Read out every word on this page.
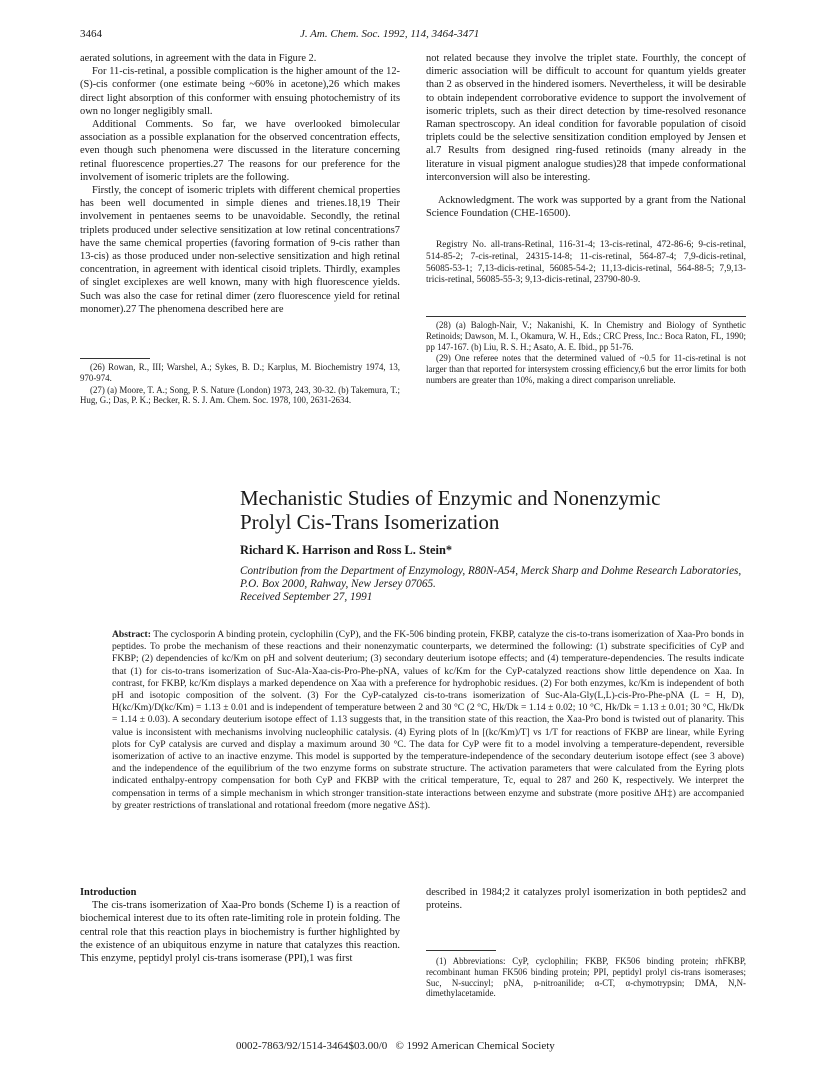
3464	J. Am. Chem. Soc. 1992, 114, 3464-3471

aerated solutions, in agreement with the data in Figure 2.

For 11-cis-retinal, a possible complication is the higher amount of the 12-(S)-cis conformer (one estimate being ~60% in acetone),26 which makes direct light absorption of this conformer with ensuing photochemistry of its own no longer negligibly small.

Additional Comments. So far, we have overlooked bimolecular association as a possible explanation for the observed concentration effects, even though such phenomena were discussed in the literature concerning retinal fluorescence properties.27 The reasons for our preference for the involvement of isomeric triplets are the following.

Firstly, the concept of isomeric triplets with different chemical properties has been well documented in simple dienes and trienes.18,19 Their involvement in pentaenes seems to be unavoidable. Secondly, the retinal triplets produced under selective sensitization at low retinal concentrations7 have the same chemical properties (favoring formation of 9-cis rather than 13-cis) as those produced under non-selective sensitization and high retinal concentration, in agreement with identical cisoid triplets. Thirdly, examples of singlet exciplexes are well known, many with high fluorescence yields. Such was also the case for retinal dimer (zero fluorescence yield for retinal monomer).27 The phenomena described here are

(26) Rowan, R., III; Warshel, A.; Sykes, B. D.; Karplus, M. Biochemistry 1974, 13, 970-974.

(27) (a) Moore, T. A.; Song, P. S. Nature (London) 1973, 243, 30-32. (b) Takemura, T.; Hug, G.; Das, P. K.; Becker, R. S. J. Am. Chem. Soc. 1978, 100, 2631-2634.

not related because they involve the triplet state. Fourthly, the concept of dimeric association will be difficult to account for quantum yields greater than 2 as observed in the hindered isomers. Nevertheless, it will be desirable to obtain independent corroborative evidence to support the involvement of isomeric triplets, such as their direct detection by time-resolved resonance Raman spectroscopy. An ideal condition for favorable population of cisoid triplets could be the selective sensitization condition employed by Jensen et al.7 Results from designed ring-fused retinoids (many already in the literature in visual pigment analogue studies)28 that impede conformational interconversion will also be interesting.

Acknowledgment. The work was supported by a grant from the National Science Foundation (CHE-16500).

Registry No. all-trans-Retinal, 116-31-4; 13-cis-retinal, 472-86-6; 9-cis-retinal, 514-85-2; 7-cis-retinal, 24315-14-8; 11-cis-retinal, 564-87-4; 7,9-dicis-retinal, 56085-53-1; 7,13-dicis-retinal, 56085-54-2; 11,13-dicis-retinal, 564-88-5; 7,9,13-tricis-retinal, 56085-55-3; 9,13-dicis-retinal, 23790-80-9.

(28) (a) Balogh-Nair, V.; Nakanishi, K. In Chemistry and Biology of Synthetic Retinoids; Dawson, M. I., Okamura, W. H., Eds.; CRC Press, Inc.: Boca Raton, FL, 1990; pp 147-167. (b) Liu, R. S. H.; Asato, A. E. Ibid., pp 51-76.

(29) One referee notes that the determined valued of ~0.5 for 11-cis-retinal is not larger than that reported for intersystem crossing efficiency,6 but the error limits for both numbers are greater than 10%, making a direct comparison unreliable.

Mechanistic Studies of Enzymic and Nonenzymic Prolyl Cis-Trans Isomerization
Richard K. Harrison and Ross L. Stein*
Contribution from the Department of Enzymology, R80N-A54, Merck Sharp and Dohme Research Laboratories, P.O. Box 2000, Rahway, New Jersey 07065.
Received September 27, 1991
Abstract: The cyclosporin A binding protein, cyclophilin (CyP), and the FK-506 binding protein, FKBP, catalyze the cis-to-trans isomerization of Xaa-Pro bonds in peptides. To probe the mechanism of these reactions and their nonenzymatic counterparts, we determined the following: (1) substrate specificities of CyP and FKBP; (2) dependencies of kc/Km on pH and solvent deuterium; (3) secondary deuterium isotope effects; and (4) temperature-dependencies. The results indicate that (1) for cis-to-trans isomerization of Suc-Ala-Xaa-cis-Pro-Phe-pNA, values of kc/Km for the CyP-catalyzed reactions show little dependence on Xaa. In contrast, for FKBP, kc/Km displays a marked dependence on Xaa with a preference for hydrophobic residues. (2) For both enzymes, kc/Km is independent of both pH and isotopic composition of the solvent. (3) For the CyP-catalyzed cis-to-trans isomerization of Suc-Ala-Gly(L,L)-cis-Pro-Phe-pNA (L = H, D), H(kc/Km)/D(kc/Km) = 1.13 ± 0.01 and is independent of temperature between 2 and 30 °C (2 °C, Hk/Dk = 1.14 ± 0.02; 10 °C, Hk/Dk = 1.13 ± 0.01; 30 °C, Hk/Dk = 1.14 ± 0.03). A secondary deuterium isotope effect of 1.13 suggests that, in the transition state of this reaction, the Xaa-Pro bond is twisted out of planarity. This value is inconsistent with mechanisms involving nucleophilic catalysis. (4) Eyring plots of ln [(kc/Km)/T] vs 1/T for reactions of FKBP are linear, while Eyring plots for CyP catalysis are curved and display a maximum around 30 °C. The data for CyP were fit to a model involving a temperature-dependent, reversible isomerization of active to an inactive enzyme. This model is supported by the temperature-independence of the secondary deuterium isotope effect (see 3 above) and the independence of the equilibrium of the two enzyme forms on substrate structure. The activation parameters that were calculated from the Eyring plots indicated enthalpy-entropy compensation for both CyP and FKBP with the critical temperature, Tc, equal to 287 and 260 K, respectively. We interpret the compensation in terms of a simple mechanism in which stronger transition-state interactions between enzyme and substrate (more positive ΔH‡) are accompanied by greater restrictions of translational and rotational freedom (more negative ΔS‡).
Introduction

The cis-trans isomerization of Xaa-Pro bonds (Scheme I) is a reaction of biochemical interest due to its often rate-limiting role in protein folding. The central role that this reaction plays in biochemistry is further highlighted by the existence of an ubiquitous enzyme in nature that catalyzes this reaction. This enzyme, peptidyl prolyl cis-trans isomerase (PPI),1 was first

described in 1984;2 it catalyzes prolyl isomerization in both peptides2 and proteins.

(1) Abbreviations: CyP, cyclophilin; FKBP, FK506 binding protein; rhFKBP, recombinant human FK506 binding protein; PPI, peptidyl prolyl cis-trans isomerases; Suc, N-succinyl; pNA, p-nitroanilide; α-CT, α-chymotrypsin; DMA, N,N-dimethylacetamide.

0002-7863/92/1514-3464$03.00/0   © 1992 American Chemical Society
